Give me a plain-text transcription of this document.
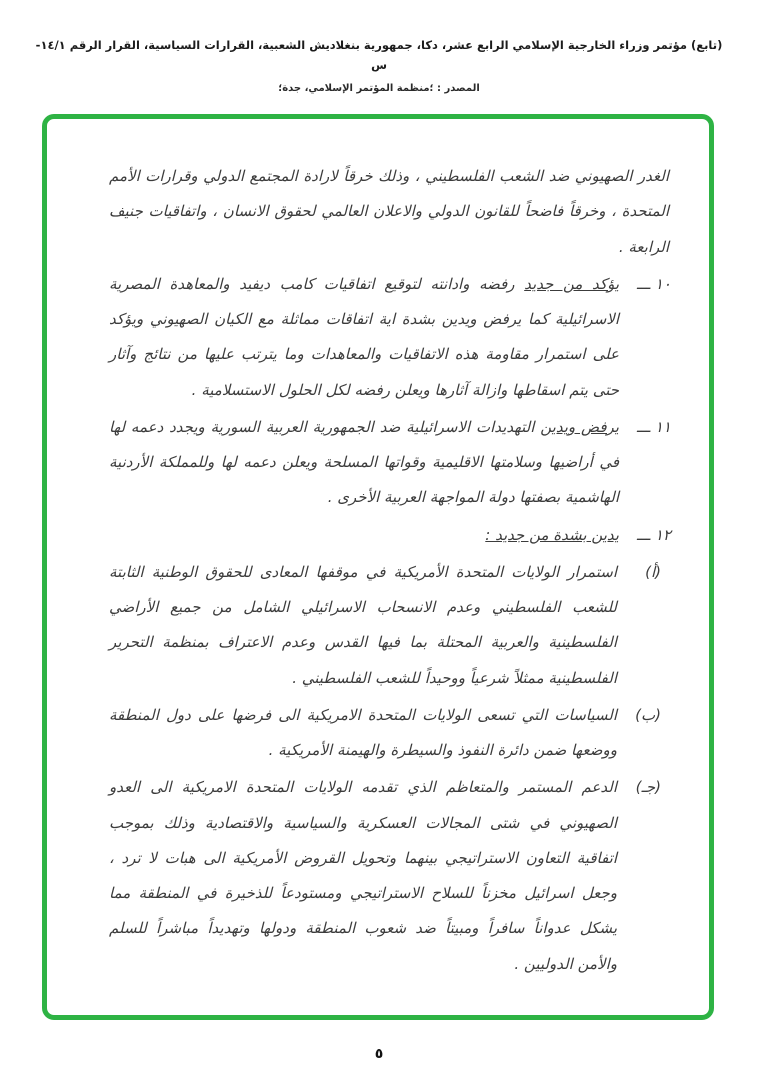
(تابع) مؤتمر وزراء الخارجية الإسلامي الرابع عشر، دكا، جمهورية بنغلاديش الشعبية، القرارات السياسية، القرار الرقم ١٤/١- س
المصدر : ؛منظمة المؤتمر الإسلامي، جدة؛

الغدر الصهيوني ضد الشعب الفلسطيني ، وذلك خرقاً لارادة المجتمع الدولي وقرارات الأمم المتحدة ، وخرقاً فاضحاً للقانون الدولي والاعلان العالمي لحقوق الانسان ، واتفاقيات جنيف الرابعة .

١٠ ـــ
يؤكد من جديد رفضه وادانته لتوقيع اتفاقيات كامب ديفيد والمعاهدة المصرية الاسرائيلية كما يرفض ويدين بشدة اية اتفاقات مماثلة مع الكيان الصهيوني ويؤكد على استمرار مقاومة هذه الاتفاقيات والمعاهدات وما يترتب عليها من نتائج وآثار حتى يتم اسقاطها وازالة آثارها ويعلن رفضه لكل الحلول الاستسلامية .
١١ ـــ
يرفض ويدين التهديدات الاسرائيلية ضد الجمهورية العربية السورية ويجدد دعمه لها في أراضيها وسلامتها الاقليمية وقواتها المسلحة ويعلن دعمه لها وللمملكة الأردنية الهاشمية بصفتها دولة المواجهة العربية الأخرى .
١٢ ـــ
يدين بشدة من جديد :
(أ)
استمرار الولايات المتحدة الأمريكية في موقفها المعادى للحقوق الوطنية الثابتة للشعب الفلسطيني وعدم الانسحاب الاسرائيلي الشامل من جميع الأراضي الفلسطينية والعربية المحتلة بما فيها القدس وعدم الاعتراف بمنظمة التحرير الفلسطينية ممثلاً شرعياً ووحيداً للشعب الفلسطيني .
(ب)
السياسات التي تسعى الولايات المتحدة الامريكية الى فرضها على دول المنطقة ووضعها ضمن دائرة النفوذ والسيطرة والهيمنة الأمريكية .
(جـ)
الدعم المستمر والمتعاظم الذي تقدمه الولايات المتحدة الامريكية الى العدو الصهيوني في شتى المجالات العسكرية والسياسية والاقتصادية وذلك بموجب اتفاقية التعاون الاستراتيجي بينهما وتحويل القروض الأمريكية الى هبات لا ترد ، وجعل اسرائيل مخزناً للسلاح الاستراتيجي ومستودعاً للذخيرة في المنطقة مما يشكل عدواناً سافراً ومبيتاً ضد شعوب المنطقة ودولها وتهديداً مباشراً للسلم والأمن الدوليين .
٥
